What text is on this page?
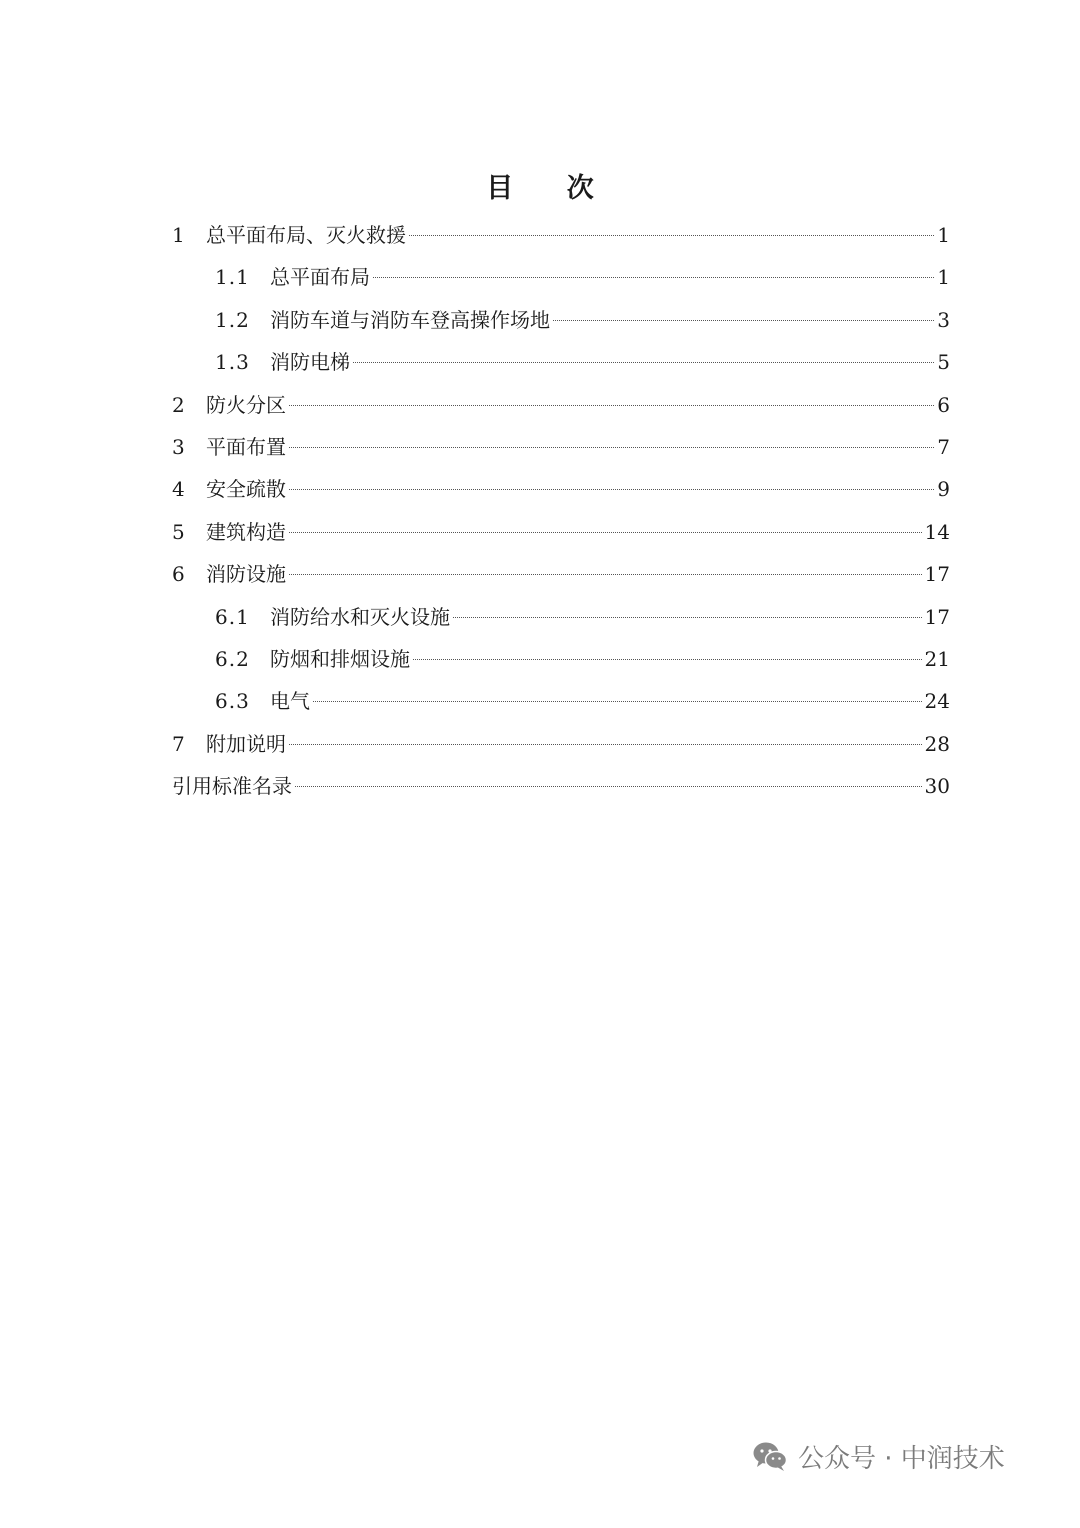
目 次
1	总平面布局、灭火救援	1
1.1	总平面布局	1
1.2	消防车道与消防车登高操作场地	3
1.3	消防电梯	5
2	防火分区	6
3	平面布置	7
4	安全疏散	9
5	建筑构造	14
6	消防设施	17
6.1	消防给水和灭火设施	17
6.2	防烟和排烟设施	21
6.3	电气	24
7	附加说明	28
引用标准名录	30
公众号 · 中润技术
